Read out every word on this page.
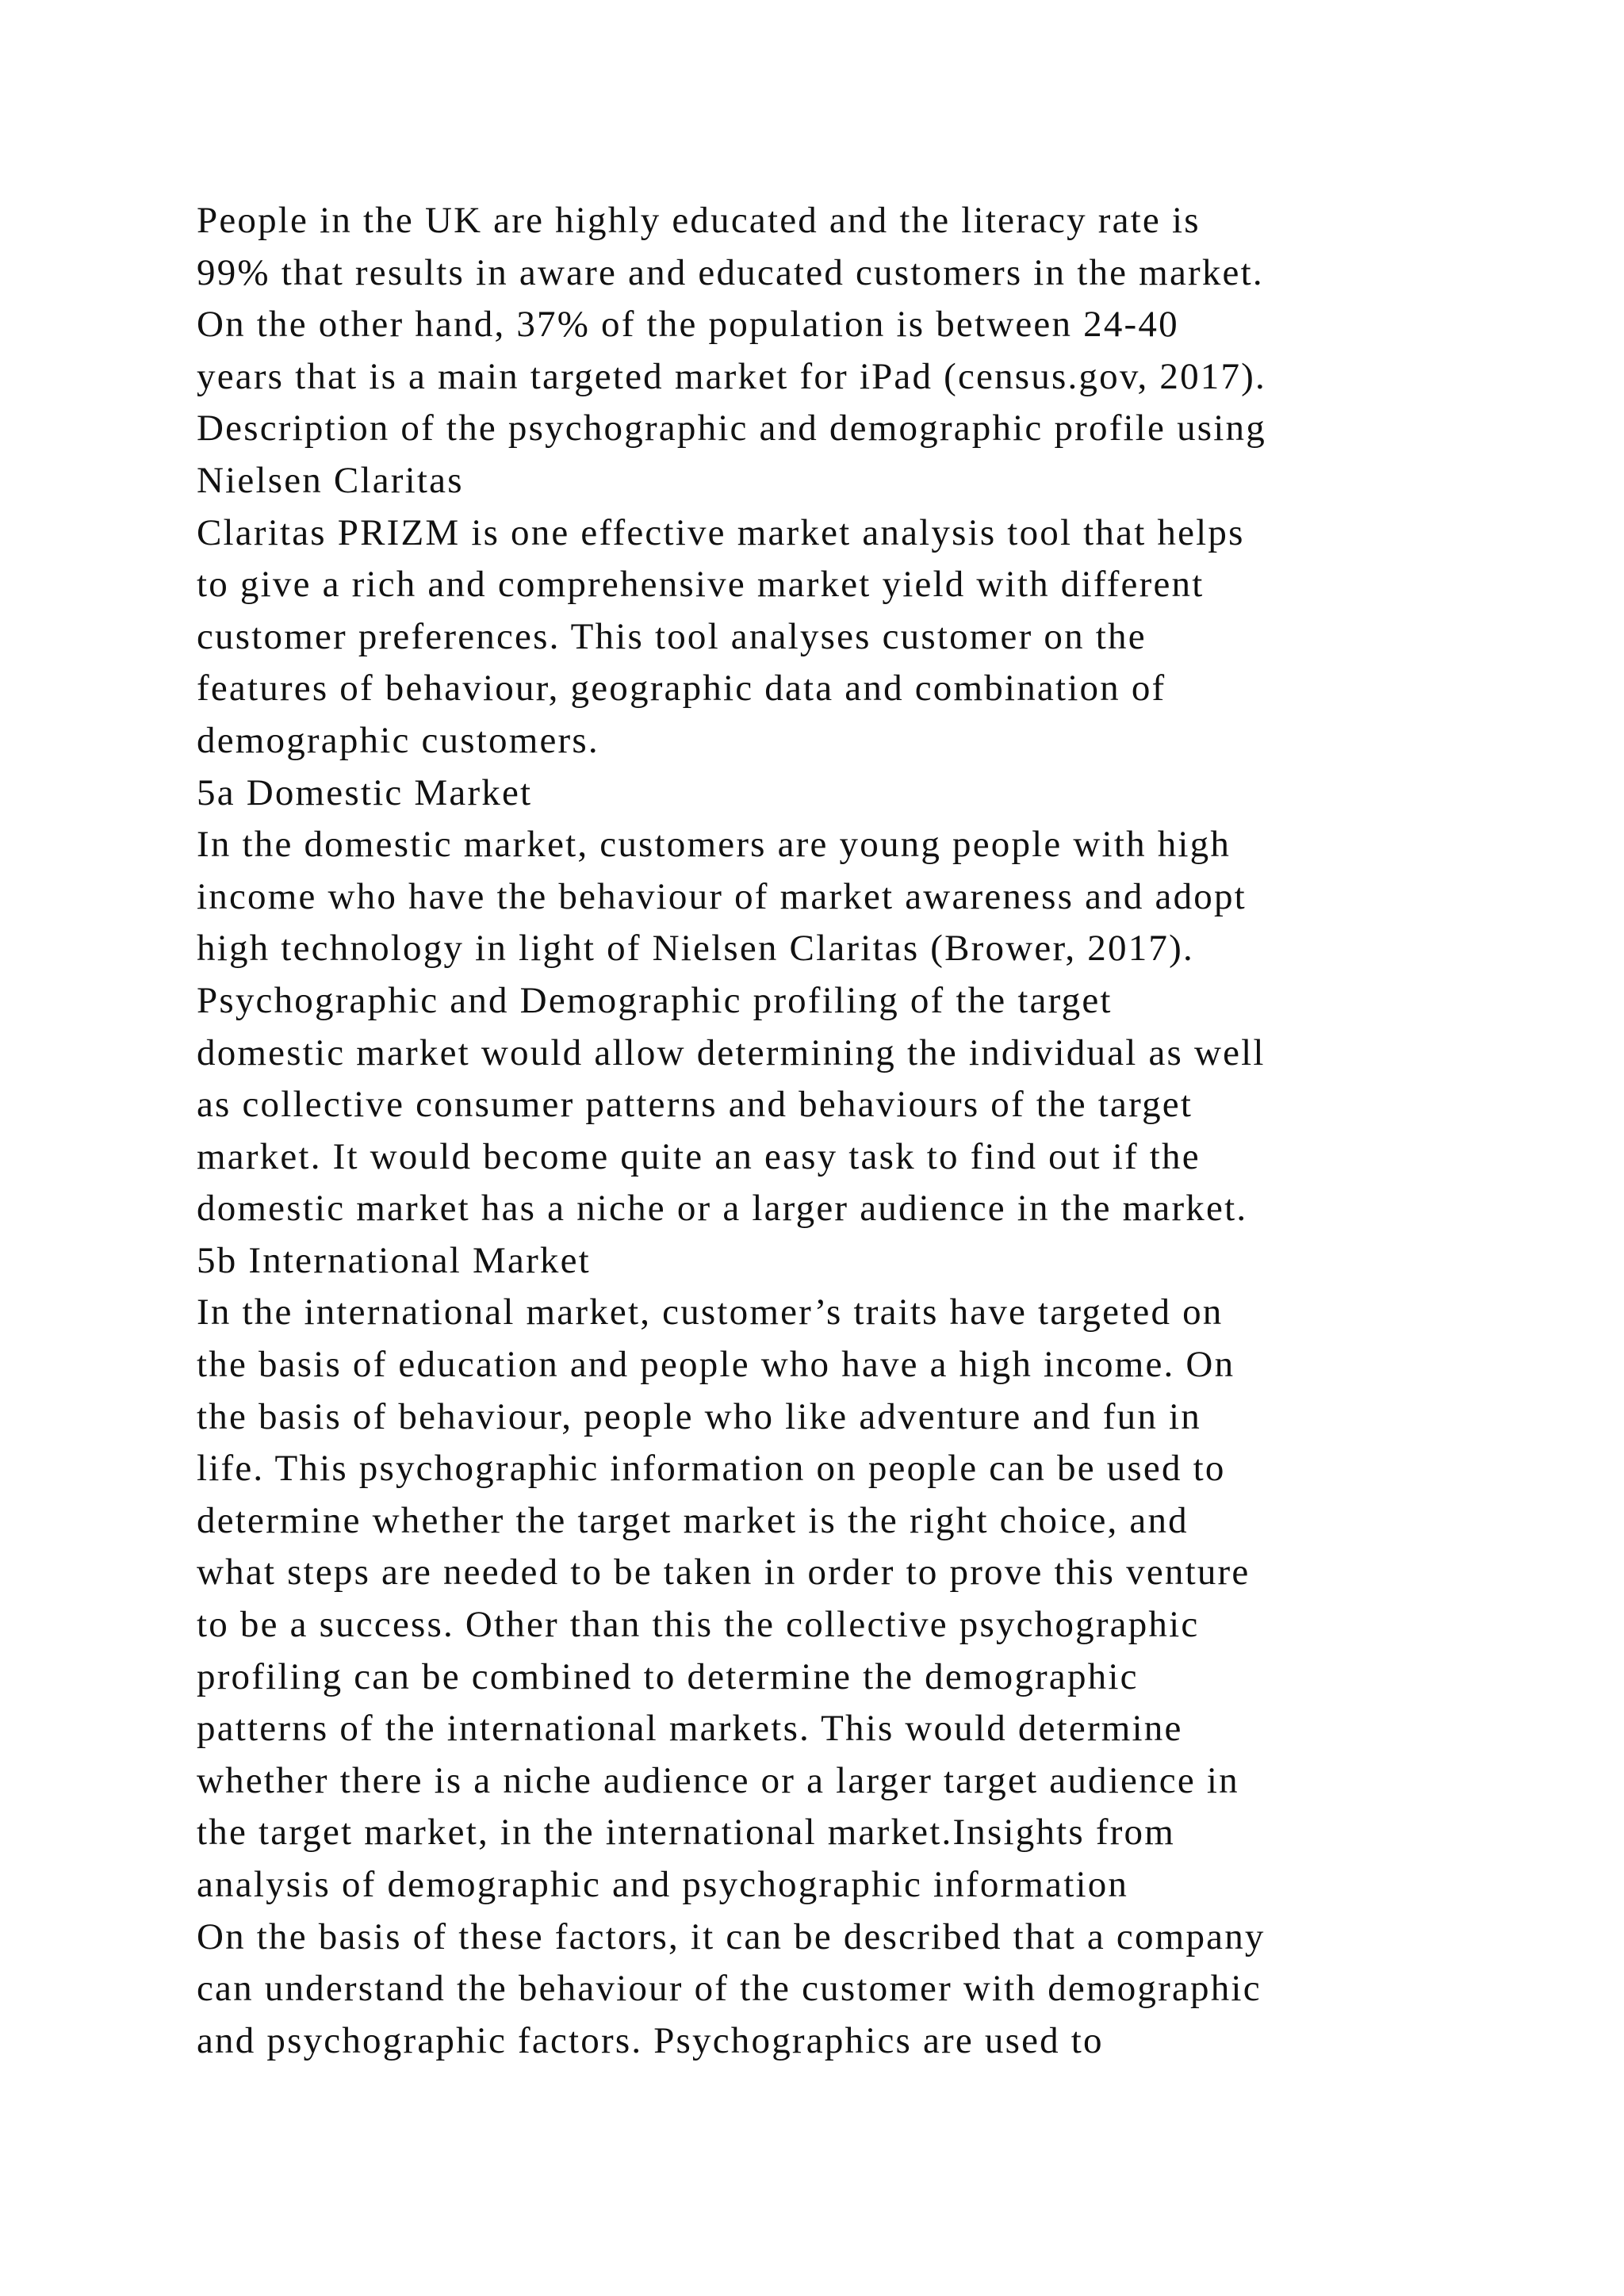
People in the UK are highly educated and the literacy rate is
99% that results in aware and educated customers in the market.
On the other hand, 37% of the population is between 24-40
years that is a main targeted market for iPad (census.gov, 2017).
Description of the psychographic and demographic profile using
Nielsen Claritas
Claritas PRIZM is one effective market analysis tool that helps
to give a rich and comprehensive market yield with different
customer preferences. This tool analyses customer on the
features of behaviour, geographic data and combination of
demographic customers.
5a Domestic Market
In the domestic market, customers are young people with high
income who have the behaviour of market awareness and adopt
high technology in light of Nielsen Claritas (Brower, 2017).
Psychographic and Demographic profiling of the target
domestic market would allow determining the individual as well
as collective consumer patterns and behaviours of the target
market. It would become quite an easy task to find out if the
domestic market has a niche or a larger audience in the market.
5b International Market
In the international market, customer’s traits have targeted on
the basis of education and people who have a high income. On
the basis of behaviour, people who like adventure and fun in
life. This psychographic information on people can be used to
determine whether the target market is the right choice, and
what steps are needed to be taken in order to prove this venture
to be a success. Other than this the collective psychographic
profiling can be combined to determine the demographic
patterns of the international markets. This would determine
whether there is a niche audience or a larger target audience in
the target market, in the international market.Insights from
analysis of demographic and psychographic information
On the basis of these factors, it can be described that a company
can understand the behaviour of the customer with demographic
and psychographic factors. Psychographics are used to
